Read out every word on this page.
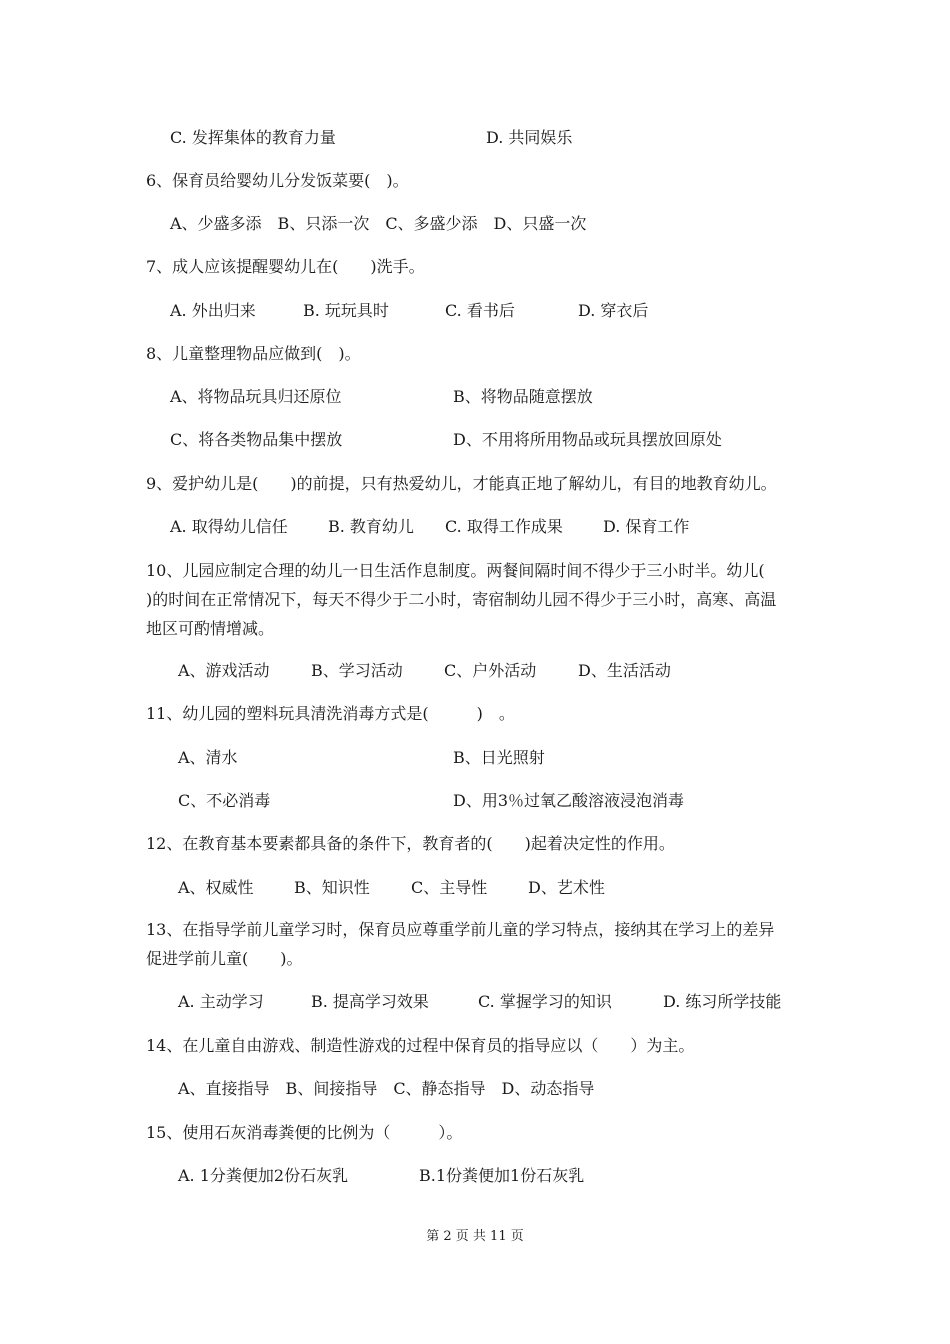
C. 发挥集体的教育力量	D. 共同娱乐
6、保育员给婴幼儿分发饭菜要(　)。
A、少盛多添　B、只添一次　C、多盛少添　D、只盛一次
7、成人应该提醒婴幼儿在(　　)洗手。
A. 外出归来	B. 玩玩具时	C. 看书后	D. 穿衣后
8、儿童整理物品应做到(　)。
A、将物品玩具归还原位	B、将物品随意摆放
C、将各类物品集中摆放	D、不用将所用物品或玩具摆放回原处
9、爱护幼儿是(　　)的前提，只有热爱幼儿，才能真正地了解幼儿，有目的地教育幼儿。
A. 取得幼儿信任	B. 教育幼儿 C. 取得工作成果	D. 保育工作
10、儿园应制定合理的幼儿一日生活作息制度。两餐间隔时间不得少于三小时半。幼儿(
)的时间在正常情况下，每天不得少于二小时，寄宿制幼儿园不得少于三小时，高寒、高温
地区可酌情增减。
A、游戏活动	B、学习活动	C、户外活动	D、生活活动
11、幼儿园的塑料玩具清洗消毒方式是(　　　)　。
A、清水	B、日光照射
C、不必消毒	D、用3％过氧乙酸溶液浸泡消毒
12、在教育基本要素都具备的条件下，教育者的(　　)起着决定性的作用。
A、权威性	B、知识性	C、主导性	D、艺术性
13、在指导学前儿童学习时，保育员应尊重学前儿童的学习特点，接纳其在学习上的差异
促进学前儿童(　　)。
A. 主动学习	B. 提高学习效果	C. 掌握学习的知识	D. 练习所学技能
14、在儿童自由游戏、制造性游戏的过程中保育员的指导应以（　　）为主。
A、直接指导　B、间接指导　C、静态指导　D、动态指导
15、使用石灰消毒粪便的比例为（　　　）。
A. 1分粪便加2份石灰乳	B.1份粪便加1份石灰乳
第 2 页 共 11 页
